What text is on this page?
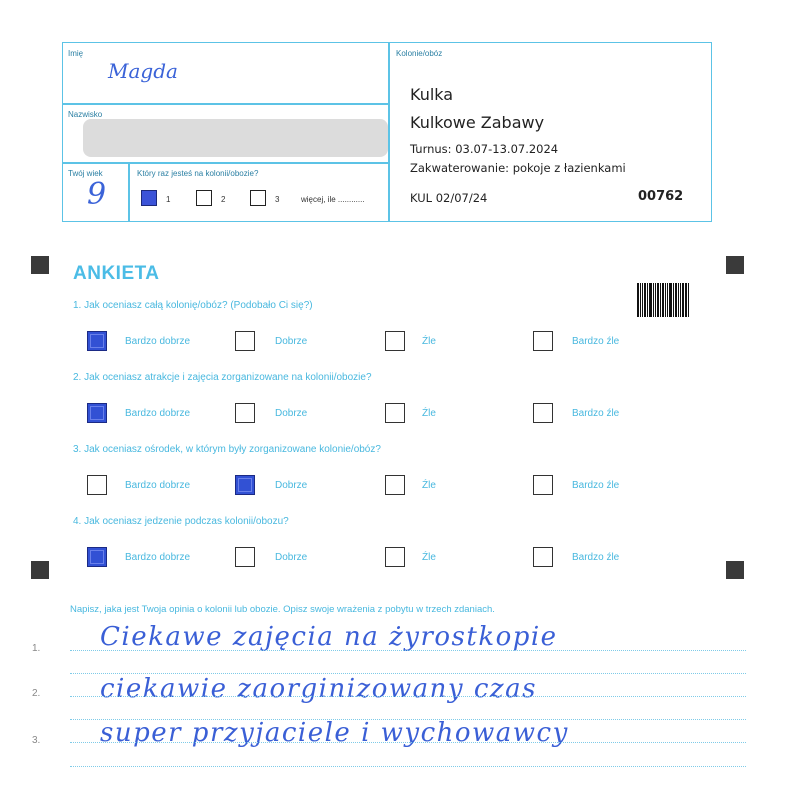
Imię
Magda
Nazwisko
Twój wiek
9
Który raz jesteś na kolonii/obozie?
1	2	3	więcej, ile ............
Kolonie/obóz
Kulka
Kulkowe Zabawy
Turnus: 03.07-13.07.2024
Zakwaterowanie: pokoje z łazienkami
KUL 02/07/24	00762
ANKIETA
1. Jak oceniasz całą kolonię/obóz? (Podobało Ci się?)
Bardzo dobrze	Dobrze	Źle	Bardzo źle
2. Jak oceniasz atrakcje i zajęcia zorganizowane na kolonii/obozie?
Bardzo dobrze	Dobrze	Źle	Bardzo źle
3. Jak oceniasz ośrodek, w którym były zorganizowane kolonie/obóz?
Bardzo dobrze	Dobrze	Źle	Bardzo źle
4. Jak oceniasz jedzenie podczas kolonii/obozu?
Bardzo dobrze	Dobrze	Źle	Bardzo źle
Napisz, jaka jest Twoja opinia o kolonii lub obozie. Opisz swoje wrażenia z pobytu w trzech zdaniach.
1. Ciekawe zajęcia na żyrostkopie
2. ciekawie zaorginizowany czas
3. super przyjaciele i wychowawcy
